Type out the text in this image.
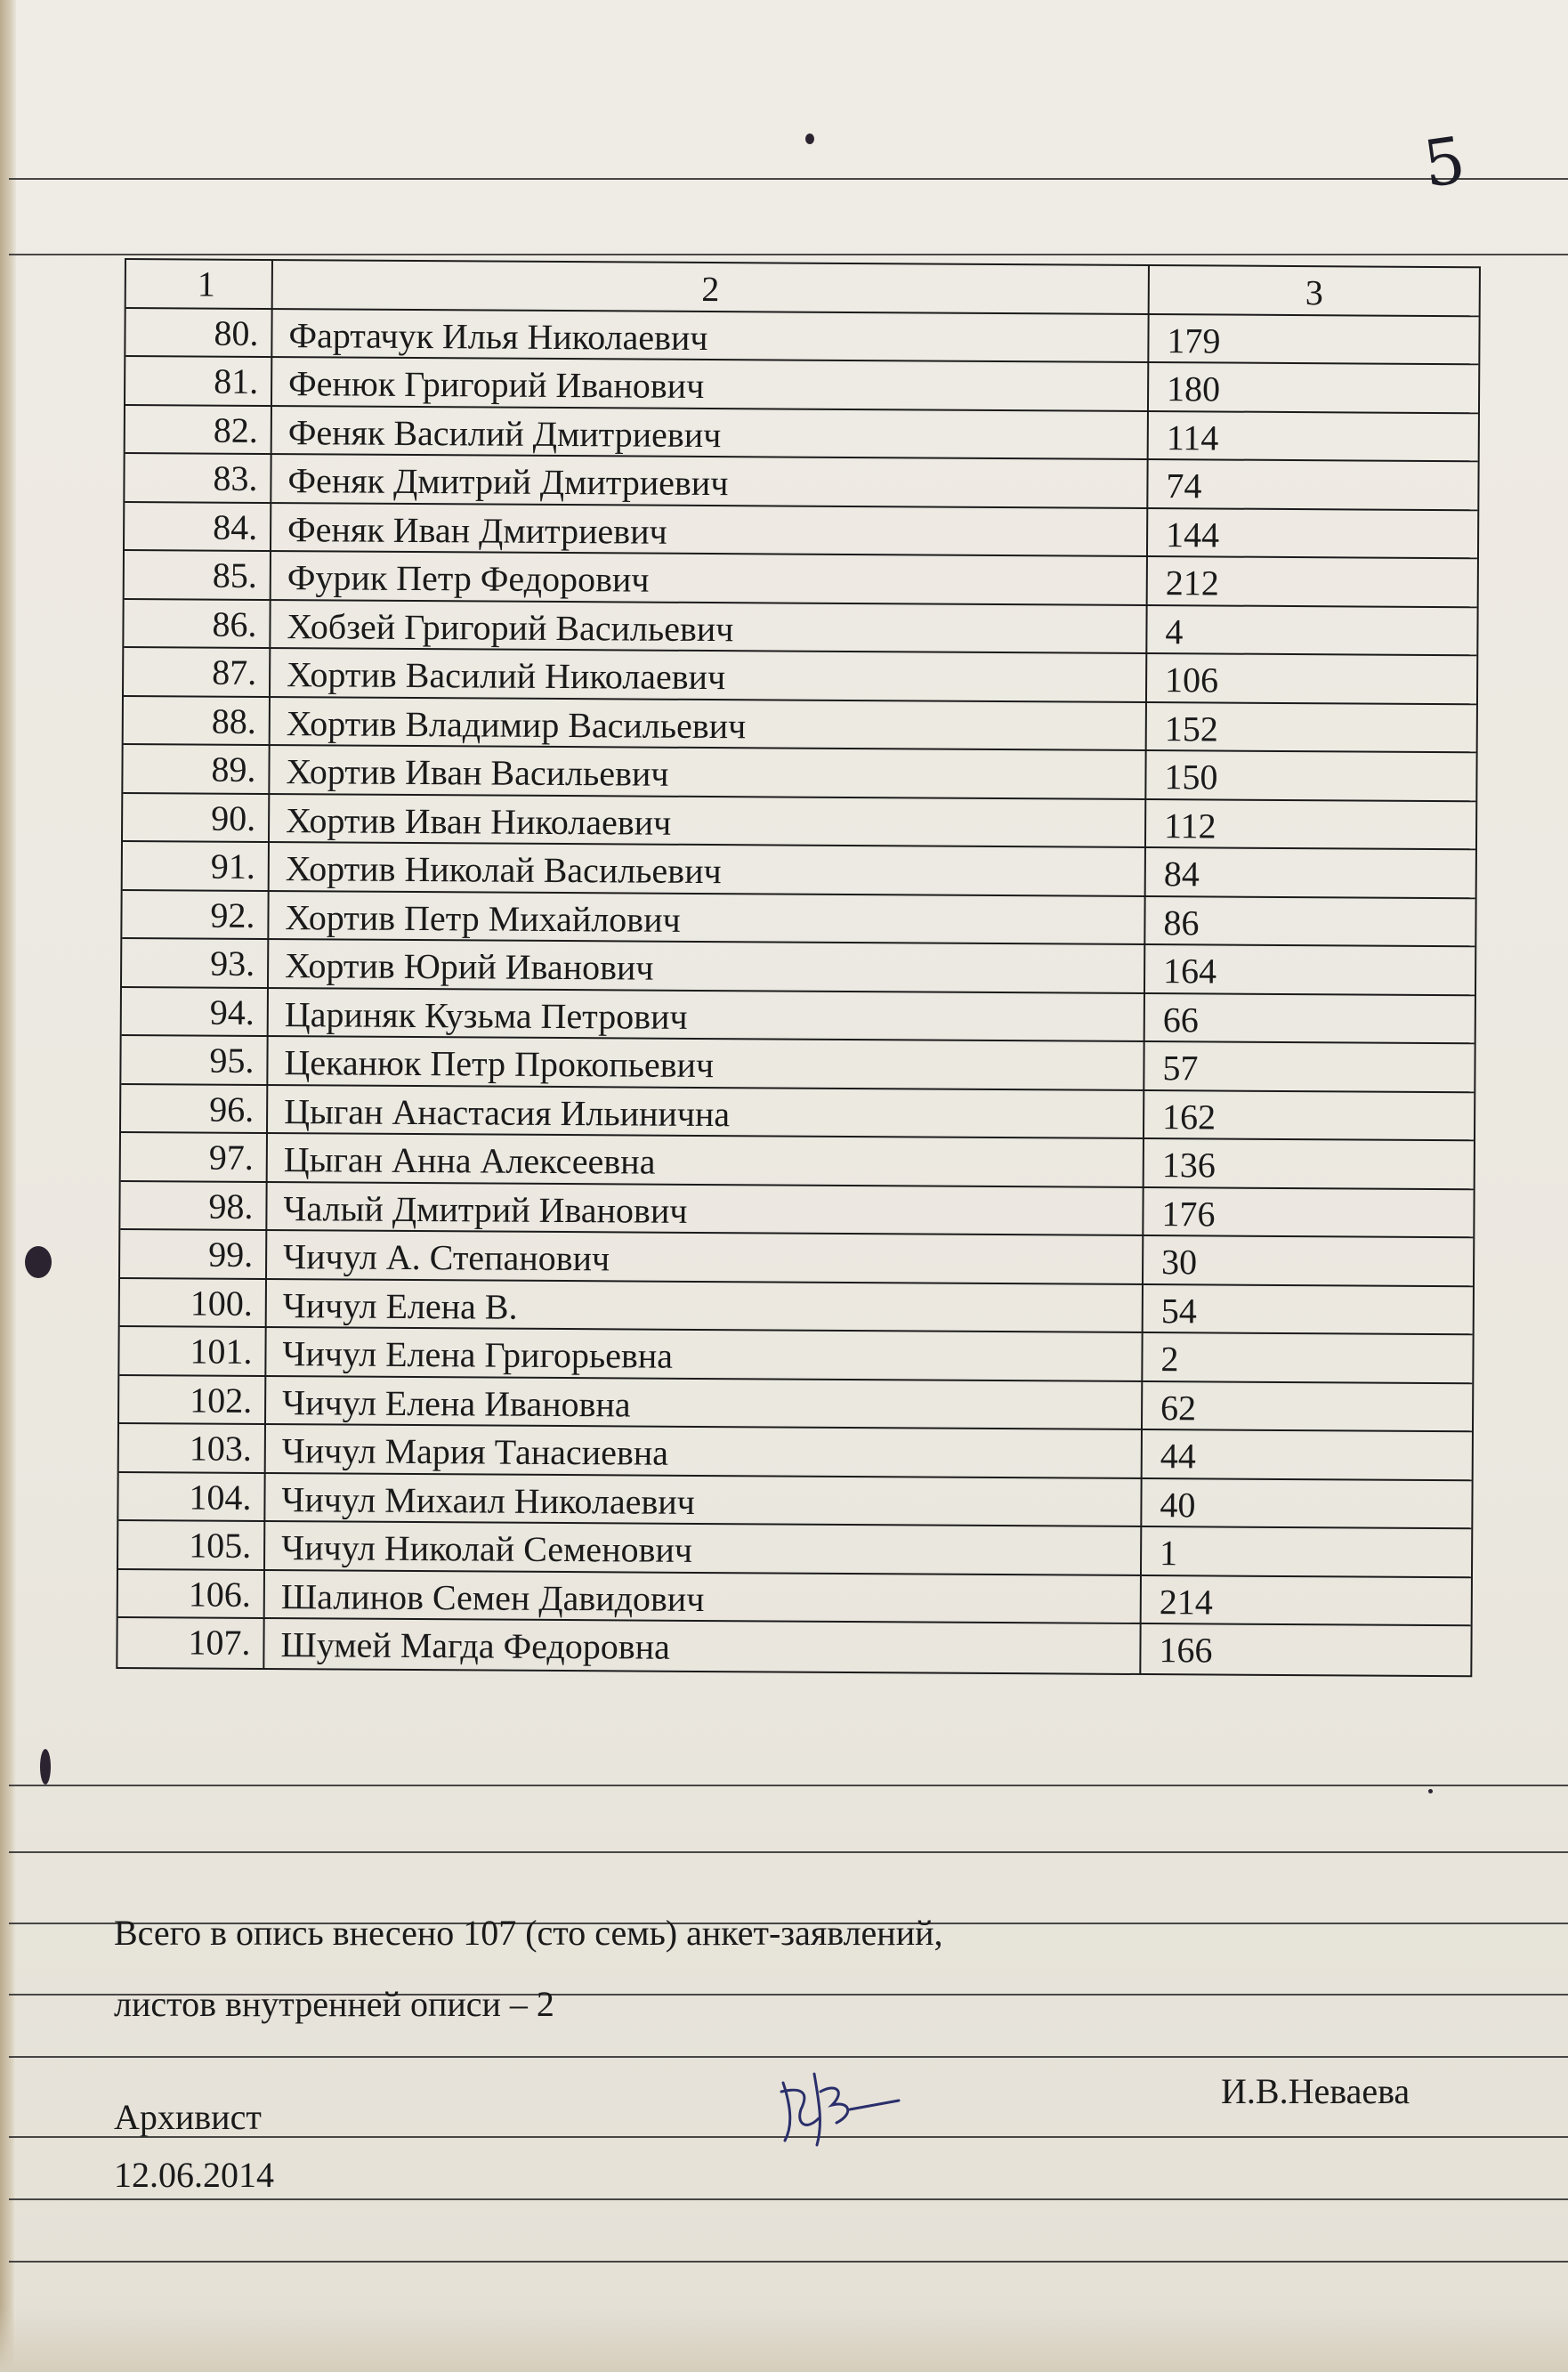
5
1	2	3
80. Фартачук Илья Николаевич	179
81. Фенюк Григорий Иванович	180
82. Феняк Василий Дмитриевич	114
83. Феняк Дмитрий Дмитриевич	74
84. Феняк Иван Дмитриевич	144
85. Фурик Петр Федорович	212
86. Хобзей Григорий Васильевич	4
87. Хортив Василий Николаевич	106
88. Хортив Владимир Васильевич	152
89. Хортив Иван Васильевич	150
90. Хортив Иван Николаевич	112
91. Хортив Николай Васильевич	84
92. Хортив Петр Михайлович	86
93. Хортив Юрий Иванович	164
94. Цариняк Кузьма Петрович	66
95. Цеканюк Петр Прокопьевич	57
96. Цыган Анастасия Ильинична	162
97. Цыган Анна Алексеевна	136
98. Чалый Дмитрий Иванович	176
99. Чичул А. Степанович	30
100. Чичул Елена В.	54
101. Чичул Елена Григорьевна	2
102. Чичул Елена Ивановна	62
103. Чичул Мария Танасиевна	44
104. Чичул Михаил Николаевич	40
105. Чичул Николай Семенович	1
106. Шалинов Семен Давидович	214
107. Шумей Магда Федоровна	166
Всего в опись внесено 107 (сто семь) анкет-заявлений,
листов внутренней описи – 2
Архивист
12.06.2014
И.В.Неваева
